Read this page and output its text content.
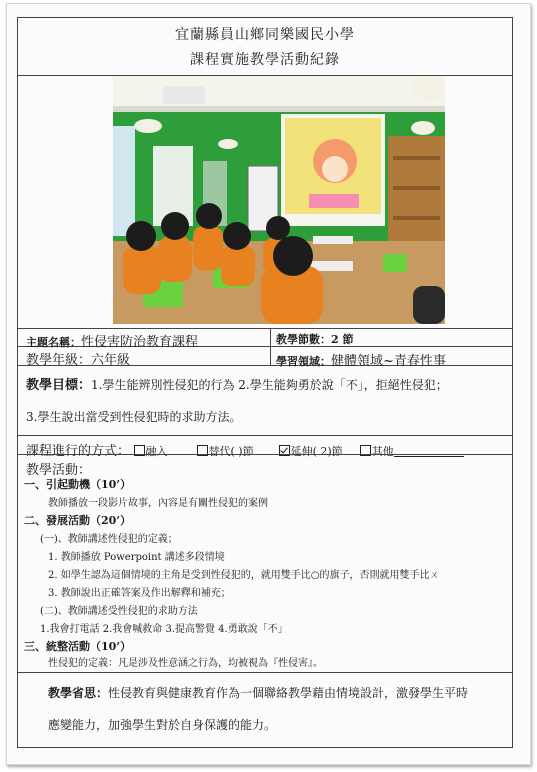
宜蘭縣員山鄉同樂國民小學
課程實施教學活動紀錄
主題名稱：性侵害防治教育課程	教學節數：2 節
教學年級：六年級	學習領域：健體領域~青春性事
教學目標：1.學生能辨別性侵犯的行為 2.學生能夠勇於說「不」，拒絕性侵犯；
3.學生說出當受到性侵犯時的求助方法。
課程進行的方式： 融入	替代( )節	延伸( 2)節	其他
教學活動：
一、引起動機（10’）
教師播放一段影片故事，內容是有關性侵犯的案例
二、發展活動（20’）
(一)、教師講述性侵犯的定義；
1. 教師播放 Powerpoint 講述多段情境
2. 如學生認為這個情境的主角是受到性侵犯的，就用雙手比○的旗子，否則就用雙手比ㄨ
3. 教師說出正確答案及作出解釋和補充；
(二)、教師講述受性侵犯的求助方法
1.我會打電話 2.我會喊救命 3.提高警覺 4.勇敢說「不」
三、統整活動（10’）
性侵犯的定義：凡是涉及性意涵之行為，均被視為『性侵害』。
教學省思：性侵教育與健康教育作為一個聯絡教學藉由情境設計，激發學生平時
應變能力，加強學生對於自身保護的能力。
